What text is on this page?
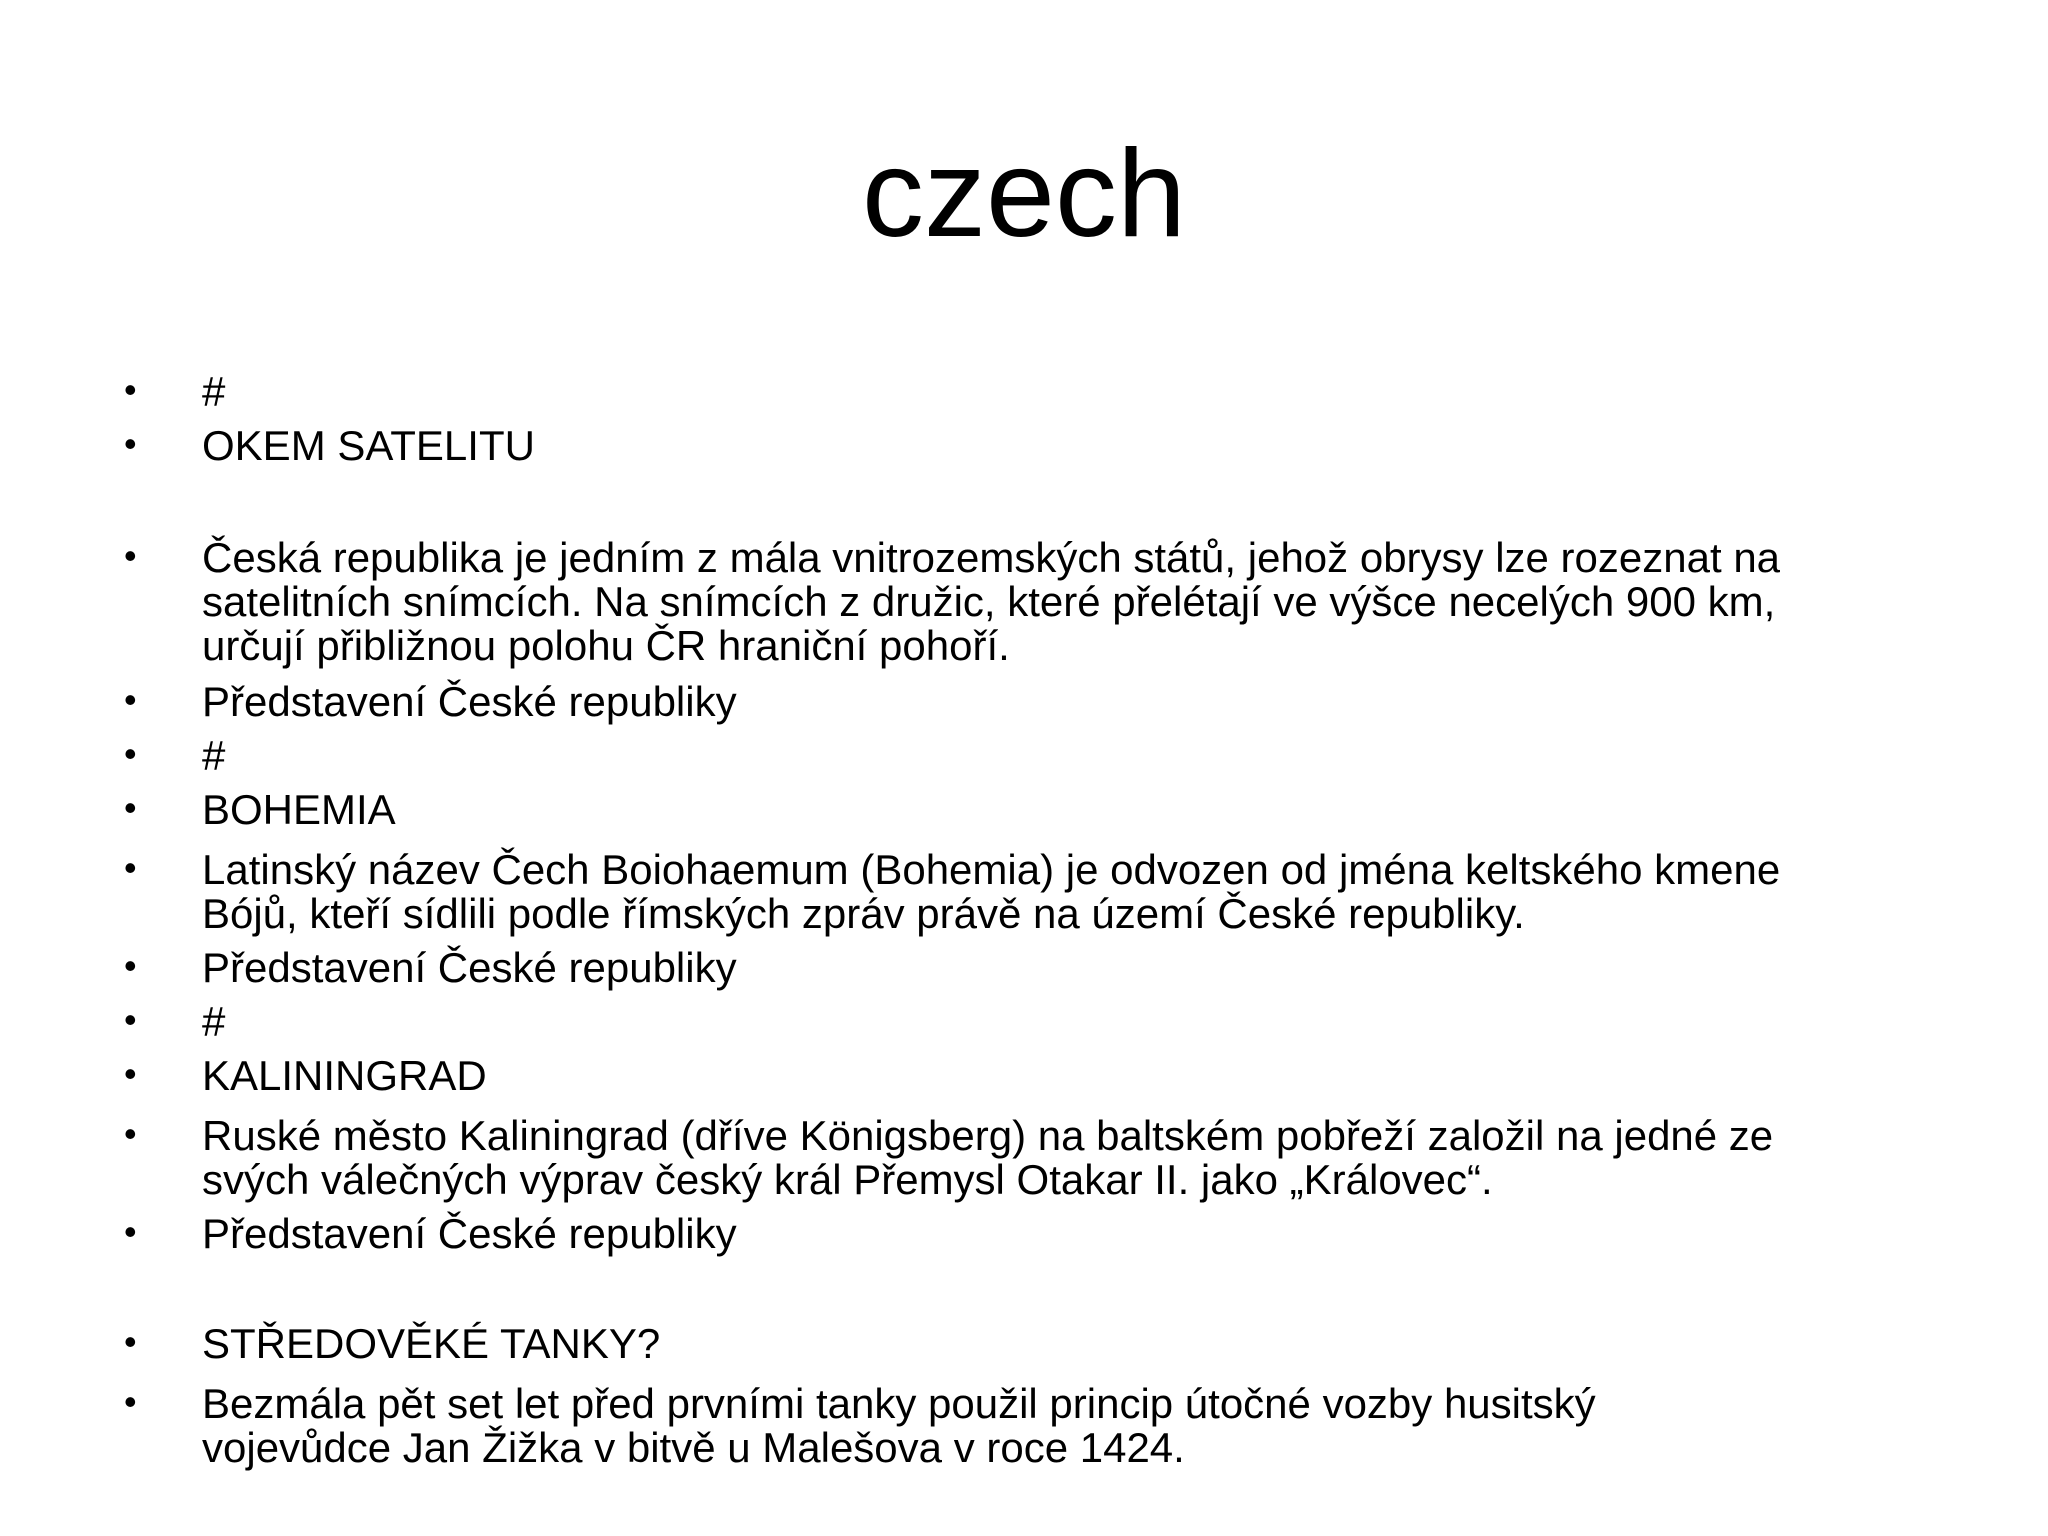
czech
• #
• OKEM SATELITU
• Česká republika je jedním z mála vnitrozemských států, jehož obrysy lze rozeznat na
satelitních snímcích. Na snímcích z družic, které přelétají ve výšce necelých 900 km,
určují přibližnou polohu ČR hraniční pohoří.
• Představení České republiky
• #
• BOHEMIA
• Latinský název Čech Boiohaemum (Bohemia) je odvozen od jména keltského kmene
Bójů, kteří sídlili podle římských zpráv právě na území České republiky.
• Představení České republiky
• #
• KALININGRAD
• Ruské město Kaliningrad (dříve Königsberg) na baltském pobřeží založil na jedné ze
svých válečných výprav český král Přemysl Otakar II. jako „Královec“.
• Představení České republiky
• STŘEDOVĚKÉ TANKY?
• Bezmála pět set let před prvními tanky použil princip útočné vozby husitský
vojevůdce Jan Žižka v bitvě u Malešova v roce 1424.
